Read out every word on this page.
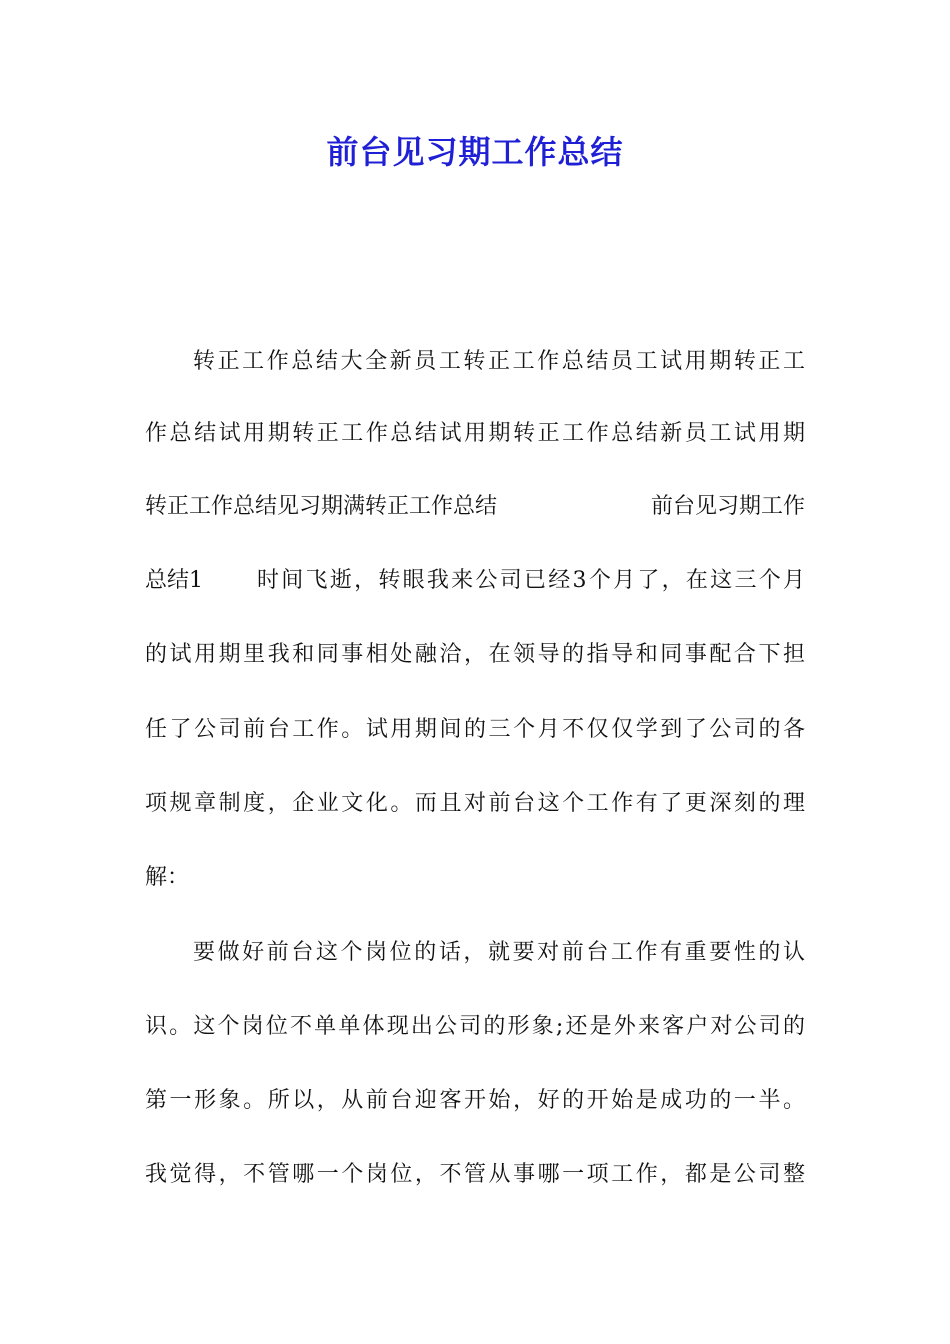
前台见习期工作总结
转正工作总结大全新员工转正工作总结员工试用期转正工
作总结试用期转正工作总结试用期转正工作总结新员工试用期
转正工作总结见习期满转正工作总结	前台见习期工作
总结1 时间飞逝，转眼我来公司已经3个月了，在这三个月
的试用期里我和同事相处融洽，在领导的指导和同事配合下担
任了公司前台工作。试用期间的三个月不仅仅学到了公司的各
项规章制度，企业文化。而且对前台这个工作有了更深刻的理
解：
要做好前台这个岗位的话，就要对前台工作有重要性的认
识。这个岗位不单单体现出公司的形象;还是外来客户对公司的
第一形象。所以，从前台迎客开始，好的开始是成功的一半。
我觉得，不管哪一个岗位，不管从事哪一项工作，都是公司整
